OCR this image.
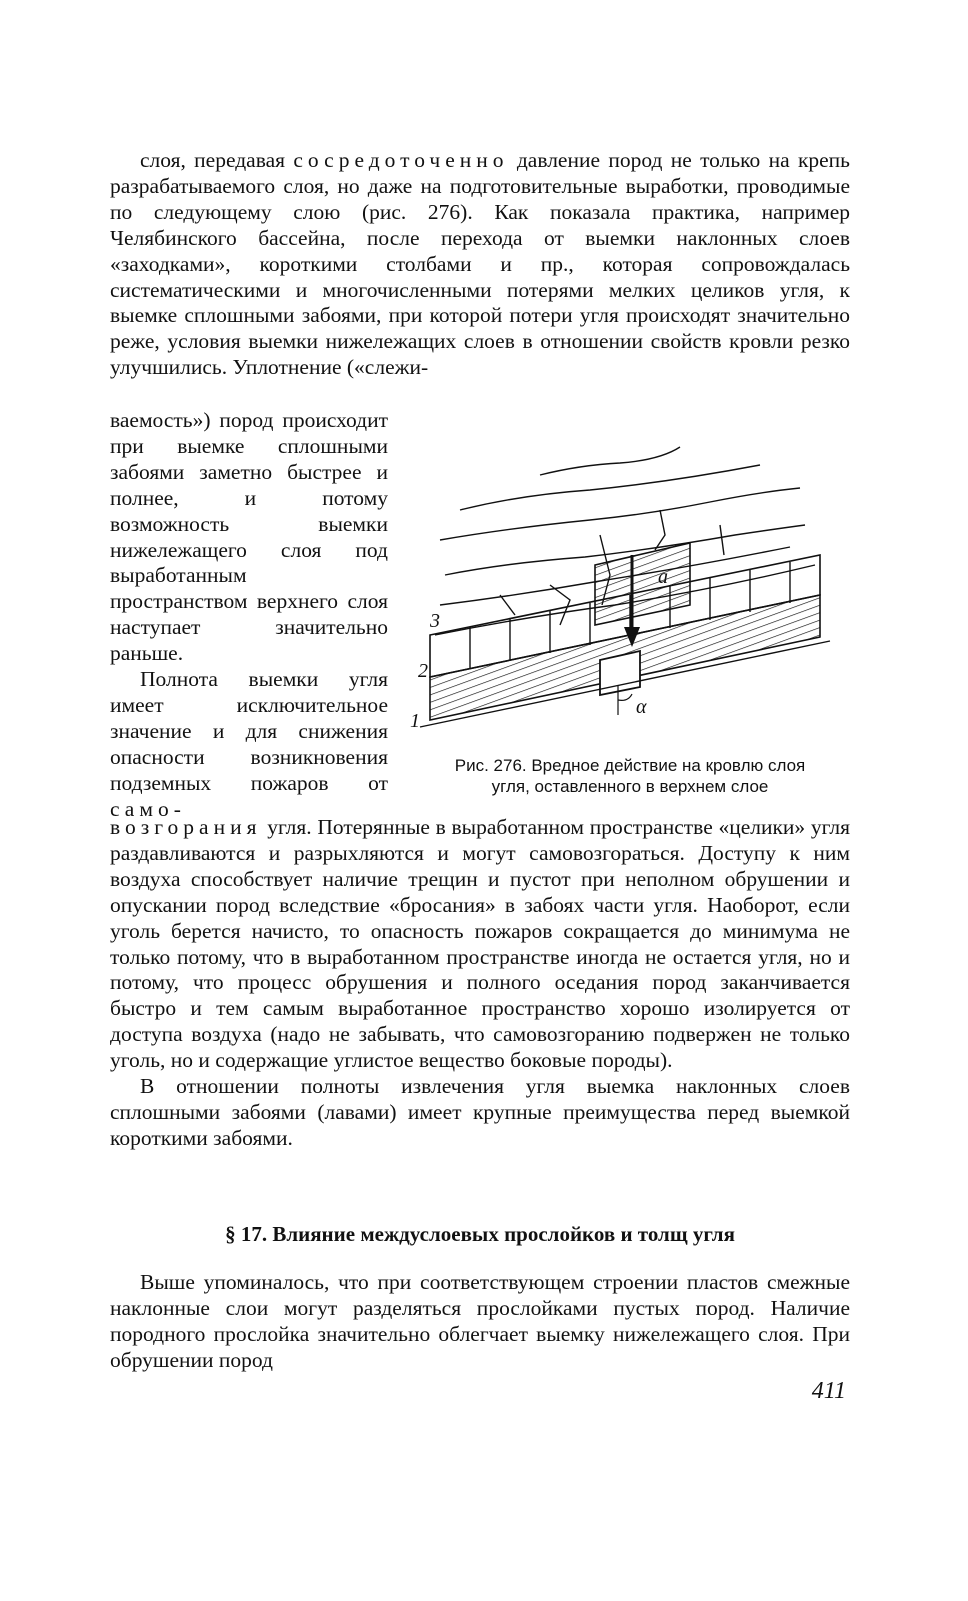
слоя, передавая сосредоточенно давление пород не только на крепь разрабатываемого слоя, но даже на подготовительные выработки, проводимые по следующему слою (рис. 276). Как показала практика, например Челябинского бассейна, после перехода от выемки наклонных слоев «заходками», короткими столбами и пр., которая сопровождалась систематическими и многочисленными потерями мелких целиков угля, к выемке сплошными забоями, при которой потери угля происходят значительно реже, условия выемки нижележащих слоев в отношении свойств кровли резко улучшились. Уплотнение («слежи-

ваемость») пород происходит при выемке сплошными забоями заметно быстрее и полнее, и потому возможность выемки нижележащего слоя под выработанным пространством верхнего слоя наступает значительно раньше.

Полнота выемки угля имеет исключительное значение и для снижения опасности возникновения подземных пожаров от само-

1
2
3
a
α
Рис. 276. Вредное действие на кровлю слоя
угля, оставленного в верхнем слое

возгорания угля. Потерянные в выработанном пространстве «целики» угля раздавливаются и разрыхляются и могут самовозгораться. Доступу к ним воздуха способствует наличие трещин и пустот при неполном обрушении и опускании пород вследствие «бросания» в забоях части угля. Наоборот, если уголь берется начисто, то опасность пожаров сокращается до минимума не только потому, что в выработанном пространстве иногда не остается угля, но и потому, что процесс обрушения и полного оседания пород заканчивается быстро и тем самым выработанное пространство хорошо изолируется от доступа воздуха (надо не забывать, что самовозгоранию подвержен не только уголь, но и содержащие углистое вещество боковые породы).

В отношении полноты извлечения угля выемка наклонных слоев сплошными забоями (лавами) имеет крупные преимущества перед выемкой короткими забоями.

§ 17. Влияние междуслоевых прослойков и толщ угля

Выше упоминалось, что при соответствующем строении пластов смежные наклонные слои могут разделяться прослойками пустых пород. Наличие породного прослойка значительно облегчает выемку нижележащего слоя. При обрушении пород

411
